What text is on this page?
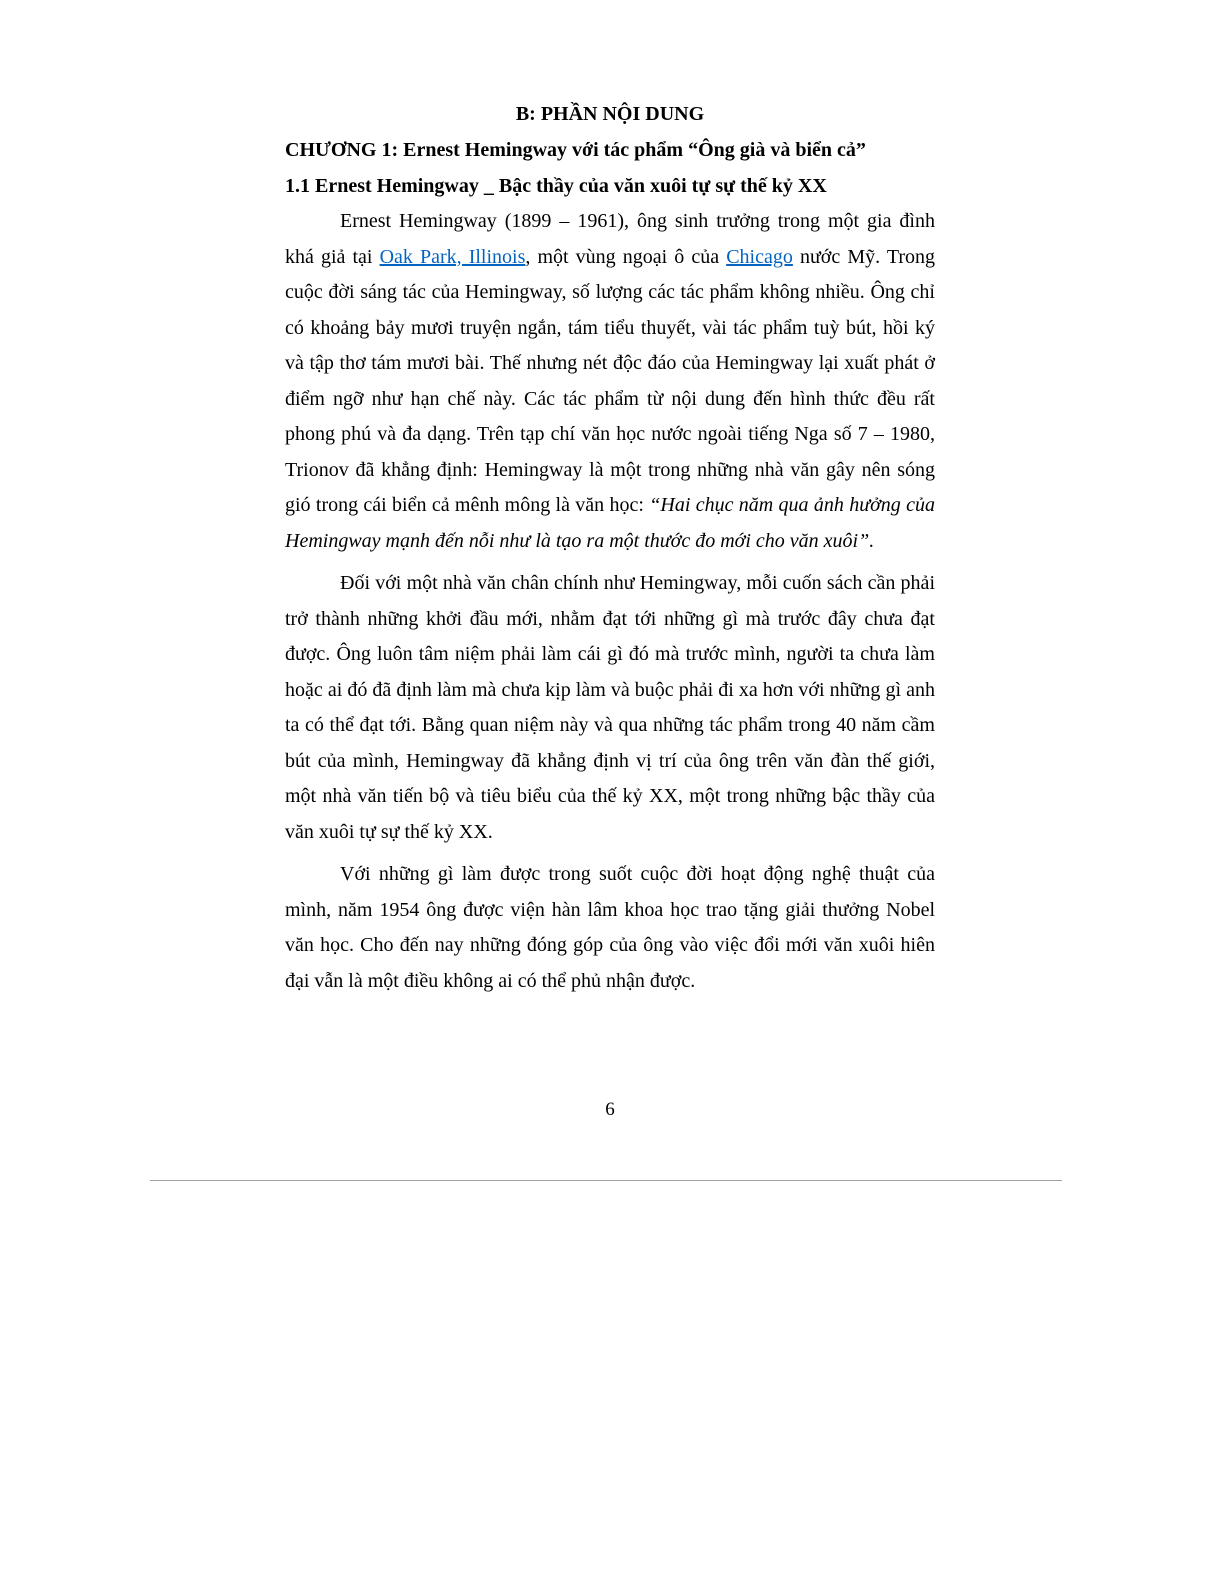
B: PHẦN NỘI DUNG

CHƯƠNG 1: Ernest Hemingway với tác phẩm “Ông già và biển cả”

1.1 Ernest Hemingway _ Bậc thầy của văn xuôi tự sự thế kỷ XX

Ernest Hemingway (1899 – 1961), ông sinh trưởng trong một gia đình khá giả tại Oak Park, Illinois, một vùng ngoại ô của Chicago nước Mỹ. Trong cuộc đời sáng tác của Hemingway, số lượng các tác phẩm không nhiều. Ông chỉ có khoảng bảy mươi truyện ngắn, tám tiểu thuyết, vài tác phẩm tuỳ bút, hồi ký và tập thơ tám mươi bài. Thế nhưng nét độc đáo của Hemingway lại xuất phát ở điểm ngỡ như hạn chế này. Các tác phẩm từ nội dung đến hình thức đều rất phong phú và đa dạng. Trên tạp chí văn học nước ngoài tiếng Nga số 7 – 1980, Trionov đã khẳng định: Hemingway là một trong những nhà văn gây nên sóng gió trong cái biển cả mênh mông là văn học: “Hai chục năm qua ảnh hưởng của Hemingway mạnh đến nỗi như là tạo ra một thước đo mới cho văn xuôi”.

Đối với một nhà văn chân chính như Hemingway, mỗi cuốn sách cần phải trở thành những khởi đầu mới, nhằm đạt tới những gì mà trước đây chưa đạt được. Ông luôn tâm niệm phải làm cái gì đó mà trước mình, người ta chưa làm hoặc ai đó đã định làm mà chưa kịp làm và buộc phải đi xa hơn với những gì anh ta có thể đạt tới. Bằng quan niệm này và qua những tác phẩm trong 40 năm cầm bút của mình, Hemingway đã khẳng định vị trí của ông trên văn đàn thế giới, một nhà văn tiến bộ và tiêu biểu của thế kỷ XX, một trong những bậc thầy của văn xuôi tự sự thế kỷ XX.

Với những gì làm được trong suốt cuộc đời hoạt động nghệ thuật của mình, năm 1954 ông được viện hàn lâm khoa học trao tặng giải thưởng Nobel văn học. Cho đến nay những đóng góp của ông vào việc đổi mới văn xuôi hiên đại vẫn là một điều không ai có thể phủ nhận được.

6
